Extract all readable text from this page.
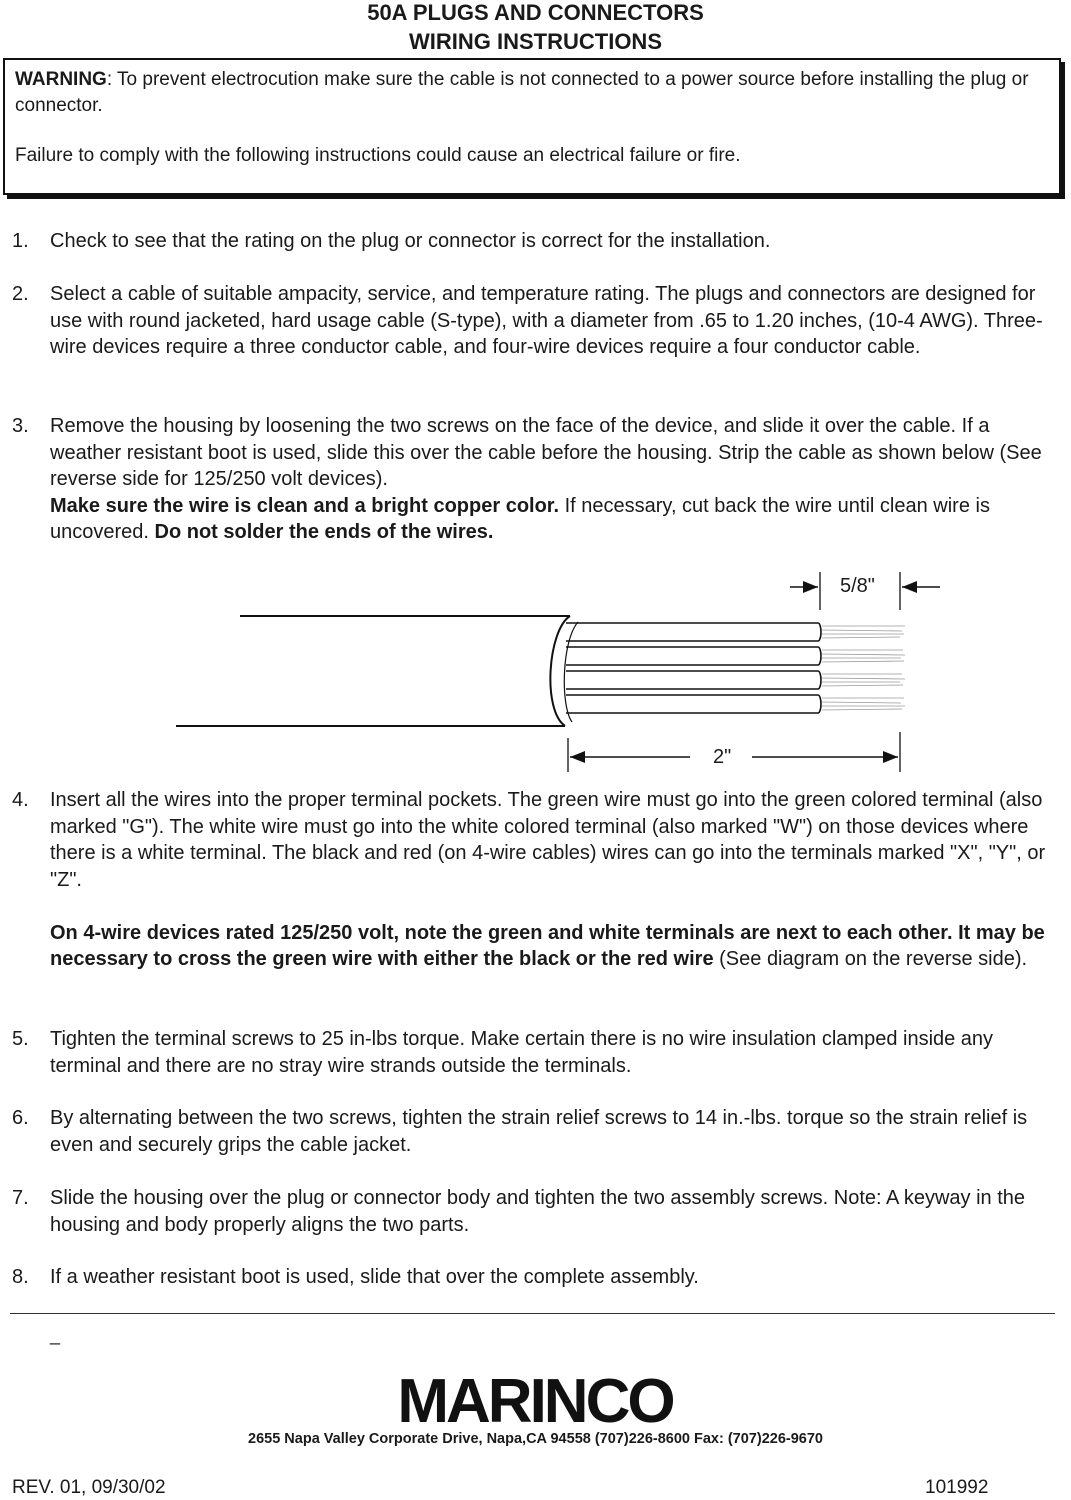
50A PLUGS AND CONNECTORS
WIRING INSTRUCTIONS
WARNING: To prevent electrocution make sure the cable is not connected to a power source before installing the plug or connector.
Failure to comply with the following instructions could cause an electrical failure or fire.
1. Check to see that the rating on the plug or connector is correct for the installation.

2. Select a cable of suitable ampacity, service, and temperature rating. The plugs and connectors are designed for use with round jacketed, hard usage cable (S-type), with a diameter from .65 to 1.20 inches, (10-4 AWG). Three-wire devices require a three conductor cable, and four-wire devices require a four conductor cable.

3. Remove the housing by loosening the two screws on the face of the device, and slide it over the cable. If a weather resistant boot is used, slide this over the cable before the housing. Strip the cable as shown below (See reverse side for 125/250 volt devices).

Make sure the wire is clean and a bright copper color. If necessary, cut back the wire until clean wire is uncovered. Do not solder the ends of the wires.

5/8"
2"
4. Insert all the wires into the proper terminal pockets. The green wire must go into the green colored terminal (also marked "G"). The white wire must go into the white colored terminal (also marked "W") on those devices where there is a white terminal. The black and red (on 4-wire cables) wires can go into the terminals marked "X", "Y", or "Z".

On 4-wire devices rated 125/250 volt, note the green and white terminals are next to each other. It may be necessary to cross the green wire with either the black or the red wire (See diagram on the reverse side).

5. Tighten the terminal screws to 25 in-lbs torque. Make certain there is no wire insulation clamped inside any terminal and there are no stray wire strands outside the terminals.

6. By alternating between the two screws, tighten the strain relief screws to 14 in.-lbs. torque so the strain relief is even and securely grips the cable jacket.

7. Slide the housing over the plug or connector body and tighten the two assembly screws. Note: A keyway in the housing and body properly aligns the two parts.

8. If a weather resistant boot is used, slide that over the complete assembly.

_
MARINCO
2655 Napa Valley Corporate Drive, Napa,CA 94558 (707)226-8600 Fax: (707)226-9670
REV. 01, 09/30/02	101992
